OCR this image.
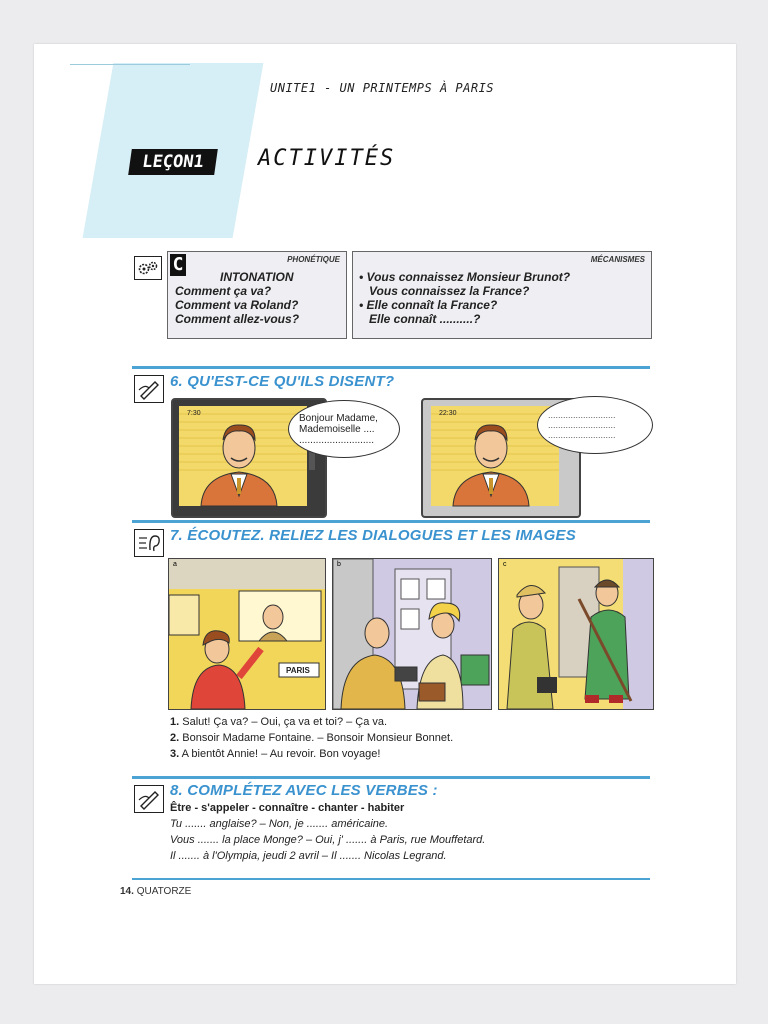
UNITE1 - UN PRINTEMPS À PARIS
LEÇON1	ACTIVITÉS
PHONÉTIQUE
INTONATION
Comment ça va?
Comment va Roland?
Comment allez-vous?
C	MÉCANISMES
• Vous connaissez Monsieur Brunot?
Vous connaissez la France?
• Elle connaît la France?
Elle connaît ..........?
6. QU'EST-CE QU'ILS DISENT?
7:30	Bonjour Madame,
Mademoiselle ....
...........................
22:30	...........................
...........................
...........................
7. ÉCOUTEZ. RELIEZ LES DIALOGUES ET LES IMAGES
a
PARIS
b	c
1. Salut! Ça va? – Oui, ça va et toi? – Ça va.
2. Bonsoir Madame Fontaine. – Bonsoir Monsieur Bonnet.
3. A bientôt Annie! – Au revoir. Bon voyage!
8. COMPLÉTEZ AVEC LES VERBES :
Être - s'appeler - connaître - chanter - habiter
Tu ....... anglaise? – Non, je ....... américaine.
Vous ....... la place Monge? – Oui, j' ....... à Paris, rue Mouffetard.
Il ....... à l'Olympia, jeudi 2 avril – Il ....... Nicolas Legrand.
14. QUATORZE
